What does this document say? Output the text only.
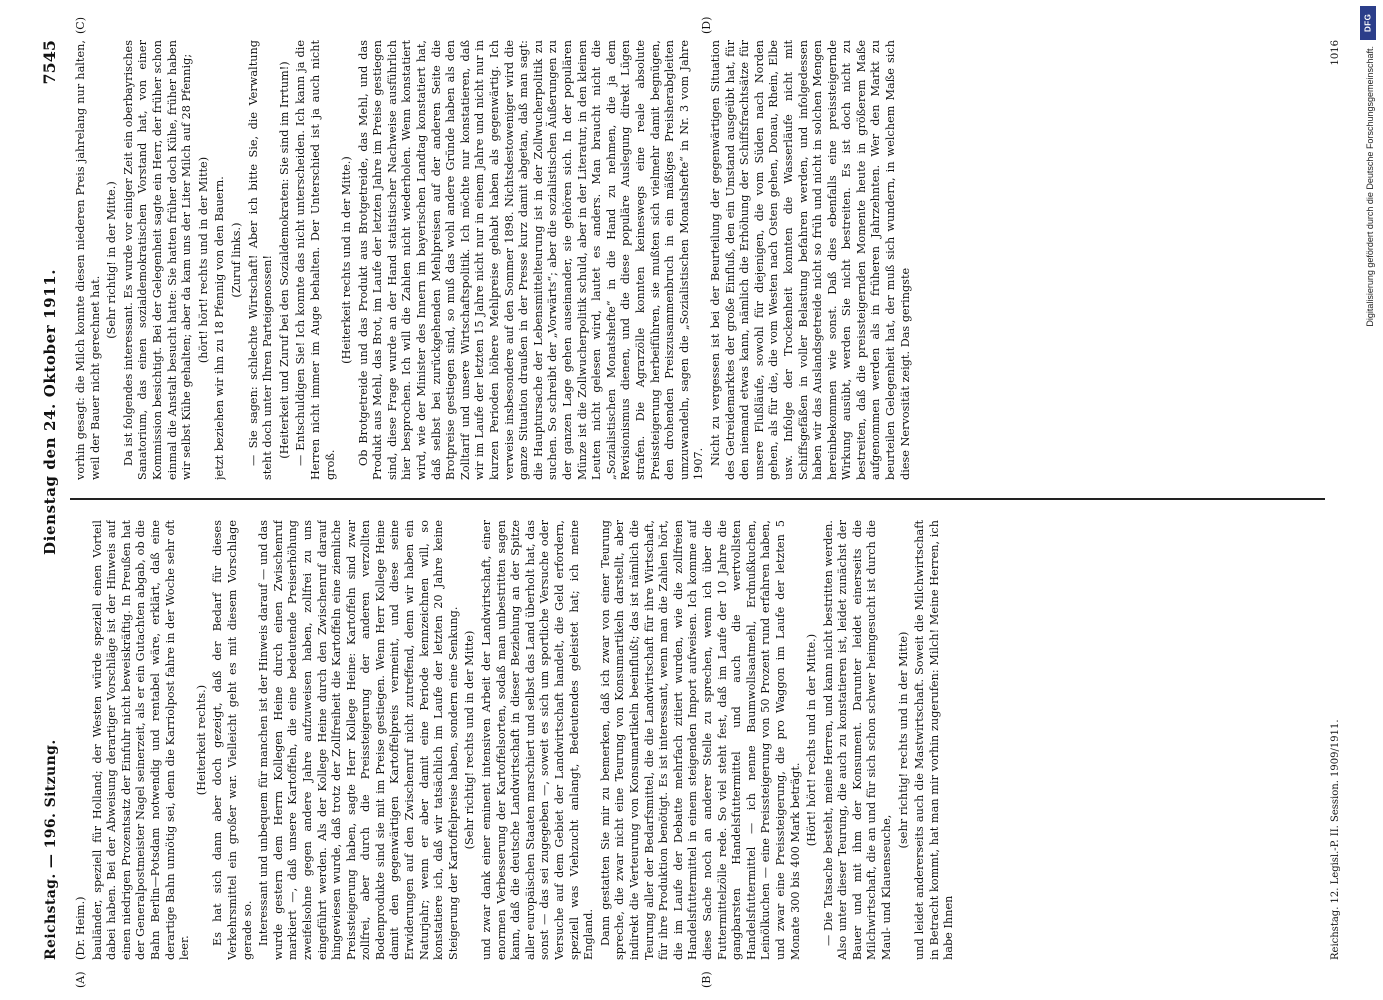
DFG
Digitalisierung gefördert durch die Deutsche Forschungsgemeinschaft.
Reichstag. — 196. Sitzung.
Dienstag den 24. Oktober 1911.
7545
(A)	(B)
(C)	(D)

(Dr. Heim.) bauländer, speziell für Holland; der Westen würde speziell einen Vorteil dabei haben. Bei der Abweisung derartiger Vorschläge ist der Hinweis auf einen niedrigen Prozentsatz der Einfuhr nicht beweiskräftig. In Preußen hat der Generalpostmeister Nagel seinerzeit, als er ein Gutachten abgab, ob die Bahn Berlin—Potsdam notwendig und rentabel wäre, erklärt, daß eine derartige Bahn unnötig sei, denn die Karriolpost fahre in der Woche sehr oft leer.

(Heiterkeit rechts.) Es hat sich dann aber doch gezeigt, daß der Bedarf für dieses Verkehrsmittel ein großer war. Vielleicht geht es mit diesem Vorschlage gerade so. Interessant und unbequem für manchen ist der Hinweis darauf — und das wurde gestern dem Herrn Kollegen Heine durch einen Zwischenruf markiert —, daß unsere Kartoffeln, die eine bedeutende Preiserhöhung zweifelsohne gegen andere Jahre aufzuweisen haben, zollfrei zu uns eingeführt werden. Als der Kollege Heine durch den Zwischenruf darauf hingewiesen wurde, daß trotz der Zollfreiheit die Kartoffeln eine ziemliche Preissteigerung haben, sagte Herr Kollege Heine: Kartoffeln sind zwar zollfrei, aber durch die Preissteigerung der anderen verzollten Bodenprodukte sind sie mit im Preise gestiegen. Wenn Herr Kollege Heine damit den gegenwärtigen Kartoffelpreis vermeint, und diese seine Erwiderungen auf den Zwischenruf nicht zutreffend, denn wir haben ein Naturjahr; wenn er aber damit eine Periode kennzeichnen will, so konstatiere ich, daß wir tatsächlich im Laufe der letzten 20 Jahre keine Steigerung der Kartoffelpreise haben, sondern eine Senkung. (Sehr richtig! rechts und in der Mitte) und zwar dank einer eminent intensiven Arbeit der Landwirtschaft, einer enormen Verbesserung der Kartoffelsorten, sodaß man unbestritten sagen kann, daß die deutsche Landwirtschaft in dieser Beziehung an der Spitze aller europäischen Staaten marschiert und selbst das Land überholt hat, das sonst — das sei zugegeben —, soweit es sich um sportliche Versuche oder Versuche auf dem Gebiet der Landwirtschaft handelt, die Geld erfordern, speziell was Viehzucht anlangt, Bedeutendes geleistet hat; ich meine England. Dann gestatten Sie mir zu bemerken, daß ich zwar von einer Teurung spreche, die zwar nicht eine Teurung von Konsumartikeln darstellt, aber indirekt die Verteurung von Konsumartikeln beeinflußt; das ist nämlich die Teurung aller der Bedarfsmittel, die die Landwirtschaft für ihre Wirtschaft, für ihre Produktion benötigt. Es ist interessant, wenn man die Zahlen hört, die im Laufe der Debatte mehrfach zitiert wurden, wie die zollfreien Handelsfuttermittel in einem steigenden Import aufweisen. Ich komme auf diese Sache noch an anderer Stelle zu sprechen, wenn ich über die Futtermittelzölle rede. So viel steht fest, daß im Laufe der 10 Jahre die gangbarsten Handelsfuttermittel und auch die wertvollsten Handelsfuttermittel — ich nenne Baumwollsaatmehl, Erdnußkuchen, Leinölkuchen — eine Preissteigerung von 50 Prozent rund erfahren haben, und zwar eine Preissteigerung, die pro Waggon im Laufe der letzten 5 Monate 300 bis 400 Mark beträgt.

(Hört! hört! rechts und in der Mitte.) — Die Tatsache besteht, meine Herren, und kann nicht bestritten werden. Also unter dieser Teurung, die auch zu konstatieren ist, leidet zunächst der Bauer und mit ihm der Konsument. Darunter leidet einerseits die Milchwirtschaft, die an und für sich schon schwer heimgesucht ist durch die Maul- und Klauenseuche,

(sehr richtig! rechts und in der Mitte) und leidet andererseits auch die Mastwirtschaft. Soweit die Milchwirtschaft in Betracht kommt, hat man mir vorhin zugerufen: Milch! Meine Herren, ich habe Ihnen

vorhin gesagt: die Milch konnte diesen niederen Preis jahrelang nur halten, weil der Bauer nicht gerechnet hat.

(Sehr richtig! in der Mitte.) Da ist folgendes interessant. Es wurde vor einiger Zeit ein oberbayrisches Sanatorium, das einen sozialdemokratischen Vorstand hat, von einer Kommission besichtigt. Bei der Gelegenheit sagte ein Herr, der früher schon einmal die Anstalt besucht hatte: Sie hatten früher doch Kühe, früher haben wir selbst Kühe gehalten; aber da kam uns der Liter Milch auf 28 Pfennig; (hört! hört! rechts und in der Mitte) jetzt beziehen wir ihn zu 18 Pfennig von den Bauern. (Zuruf links.) — Sie sagen: schlechte Wirtschaft! Aber ich bitte Sie, die Verwaltung steht doch unter Ihren Parteigenossen! (Heiterkeit und Zuruf bei den Sozialdemokraten: Sie sind im Irrtum!) — Entschuldigen Sie! Ich konnte das nicht unterscheiden. Ich kann ja die Herren nicht immer im Auge behalten. Der Unterschied ist ja auch nicht groß.

(Heiterkeit rechts und in der Mitte.) Ob Brotgetreide und das Produkt aus Brotgetreide, das Mehl, und das Produkt aus Mehl, das Brot, im Laufe der letzten Jahre im Preise gestiegen sind, diese Frage wurde an der Hand statistischer Nachweise ausführlich hier besprochen. Ich will die Zahlen nicht wiederholen. Wenn konstatiert wird, wie der Minister des Innern im bayerischen Landtag konstatiert hat, daß selbst bei zurückgehenden Mehlpreisen auf der anderen Seite die Brotpreise gestiegen sind, so muß das wohl andere Gründe haben als den Zolltarif und unsere Wirtschaftspolitik. Ich möchte nur konstatieren, daß wir im Laufe der letzten 15 Jahre nicht nur in einem Jahre und nicht nur in kurzen Perioden höhere Mehlpreise gehabt haben als gegenwärtig. Ich verweise insbesondere auf den Sommer 1898. Nichtsdestoweniger wird die ganze Situation draußen in der Presse kurz damit abgetan, daß man sagt: die Hauptursache der Lebensmittelteurung ist in der Zollwucherpolitik zu suchen. So schreibt der „Vorwärts“; aber die sozialistischen Äußerungen zu der ganzen Lage gehen auseinander, sie gehören sich. In der populären Münze ist die Zollwucherpolitik schuld, aber in der Literatur, in den kleinen Leuten nicht gelesen wird, lautet es anders. Man braucht nicht die „Sozialistischen Monatshefte“ in die Hand zu nehmen, die ja dem Revisionismus dienen, und die diese populäre Auslegung direkt Lügen strafen. Die Agrarzölle konnten keineswegs eine reale absolute Preissteigerung herbeiführen, sie mußten sich vielmehr damit begnügen, den drohenden Preiszusammenbruch in ein mäßiges Preisherabgleiten umzuwandeln, sagen die „Sozialistischen Monatshefte“ in Nr. 3 vom Jahre 1907. Nicht zu vergessen ist bei der Beurteilung der gegenwärtigen Situation des Getreidemarktes der große Einfluß, den ein Umstand ausgeübt hat, für den niemand etwas kann, nämlich die Erhöhung der Schiffsfrachtsätze für unsere Flußläufe, sowohl für diejenigen, die vom Süden nach Norden gehen, als für die, die vom Westen nach Osten gehen, Donau, Rhein, Elbe usw. Infolge der Trockenheit konnten die Wasserläufe nicht mit Schiffsgefäßen in voller Belastung befahren werden, und infolgedessen haben wir das Auslandsgetreide nicht so früh und nicht in solchen Mengen hereinbekommen wie sonst. Daß dies ebenfalls eine preissteigernde Wirkung ausübt, werden Sie nicht bestreiten. Es ist doch nicht zu bestreiten, daß die preissteigernden Momente heute in größerem Maße aufgenommen werden als in früheren Jahrzehnten. Wer den Markt zu beurteilen Gelegenheit hat, der muß sich wundern, in welchem Maße sich diese Nervosität zeigt. Das geringste

Reichstag. 12. Legisl.-P. II. Session. 1909/1911.
1016
